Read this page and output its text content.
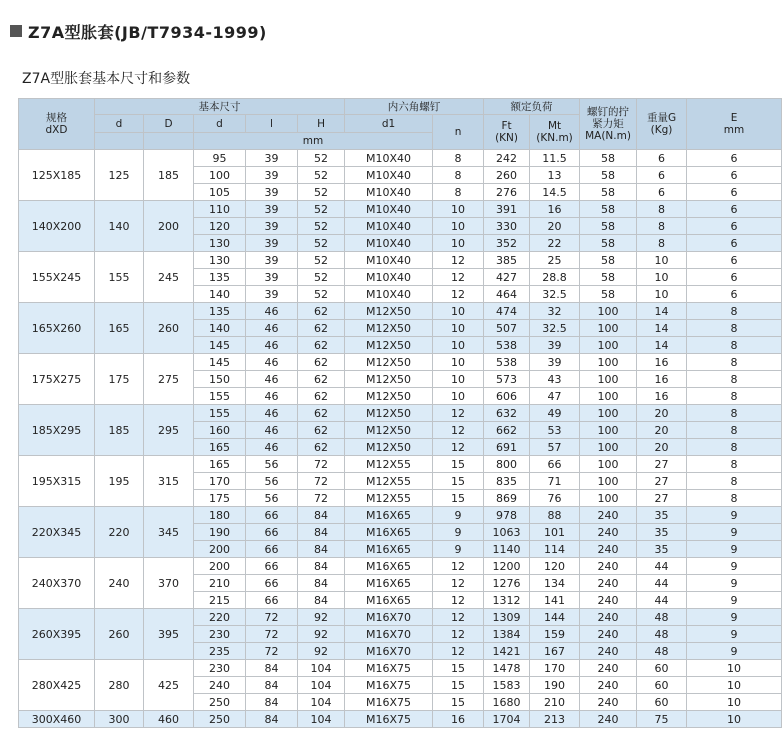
Z7A型胀套(JB/T7934-1999)
Z7A型胀套基本尺寸和参数
规格
dXD	基本尺寸					内六角螺钉		额定负荷		螺钉的拧
紧力矩
MA(N.m)	重量G
(Kg)	E
mm
	d	D	d	l	H	d1	n	Ft
(KN)	Mt
(KN.m)			
			mm									
125X185	125	185	95	39	52	M10X40	8	242	11.5	58	6	6
			100	39	52	M10X40	8	260	13	58	6	6
			105	39	52	M10X40	8	276	14.5	58	6	6
140X200	140	200	110	39	52	M10X40	10	391	16	58	8	6
			120	39	52	M10X40	10	330	20	58	8	6
			130	39	52	M10X40	10	352	22	58	8	6
155X245	155	245	130	39	52	M10X40	12	385	25	58	10	6
			135	39	52	M10X40	12	427	28.8	58	10	6
			140	39	52	M10X40	12	464	32.5	58	10	6
165X260	165	260	135	46	62	M12X50	10	474	32	100	14	8
			140	46	62	M12X50	10	507	32.5	100	14	8
			145	46	62	M12X50	10	538	39	100	14	8
175X275	175	275	145	46	62	M12X50	10	538	39	100	16	8
			150	46	62	M12X50	10	573	43	100	16	8
			155	46	62	M12X50	10	606	47	100	16	8
185X295	185	295	155	46	62	M12X50	12	632	49	100	20	8
			160	46	62	M12X50	12	662	53	100	20	8
			165	46	62	M12X50	12	691	57	100	20	8
195X315	195	315	165	56	72	M12X55	15	800	66	100	27	8
			170	56	72	M12X55	15	835	71	100	27	8
			175	56	72	M12X55	15	869	76	100	27	8
220X345	220	345	180	66	84	M16X65	9	978	88	240	35	9
			190	66	84	M16X65	9	1063	101	240	35	9
			200	66	84	M16X65	9	1140	114	240	35	9
240X370	240	370	200	66	84	M16X65	12	1200	120	240	44	9
			210	66	84	M16X65	12	1276	134	240	44	9
			215	66	84	M16X65	12	1312	141	240	44	9
260X395	260	395	220	72	92	M16X70	12	1309	144	240	48	9
			230	72	92	M16X70	12	1384	159	240	48	9
			235	72	92	M16X70	12	1421	167	240	48	9
280X425	280	425	230	84	104	M16X75	15	1478	170	240	60	10
			240	84	104	M16X75	15	1583	190	240	60	10
			250	84	104	M16X75	15	1680	210	240	60	10
300X460	300	460	250	84	104	M16X75	16	1704	213	240	75	10
